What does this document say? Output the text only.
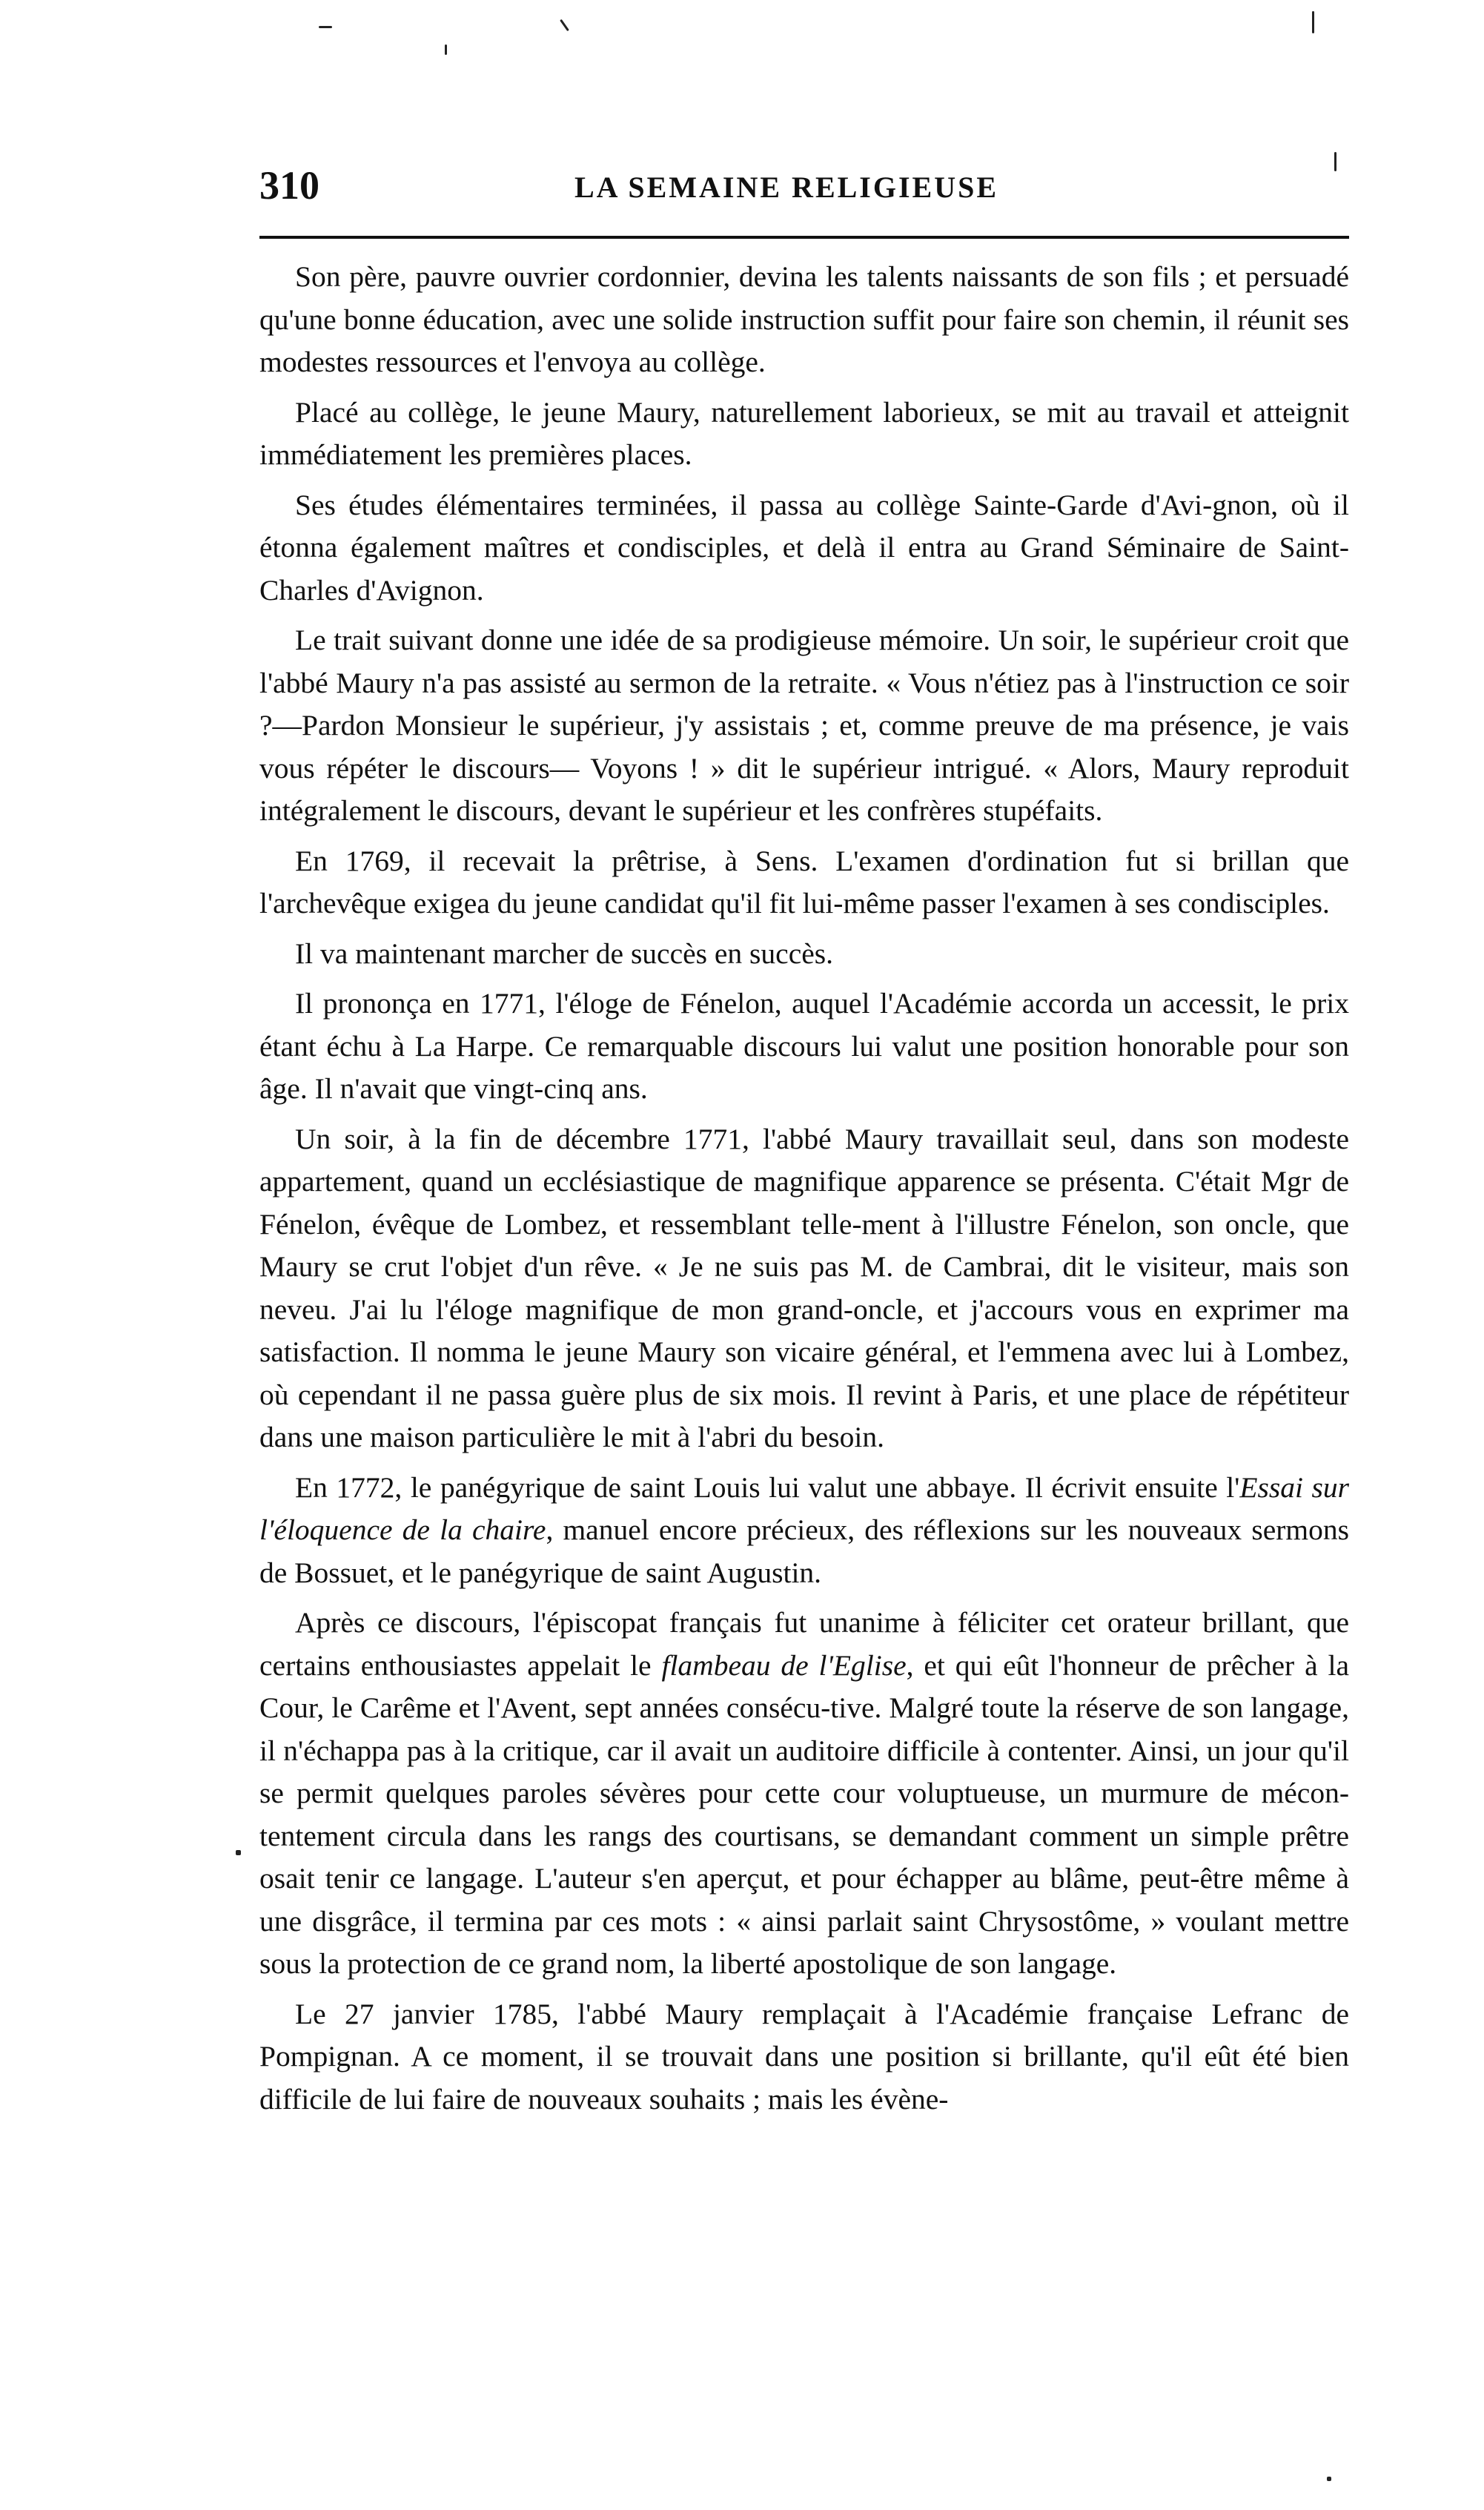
310	LA SEMAINE RELIGIEUSE

Son père, pauvre ouvrier cordonnier, devina les talents naissants de son fils ; et persuadé qu'une bonne éducation, avec une solide instruction suffit pour faire son chemin, il réunit ses modestes ressources et l'envoya au collège.

Placé au collège, le jeune Maury, naturellement laborieux, se mit au travail et atteignit immédiatement les premières places.

Ses études élémentaires terminées, il passa au collège Sainte-Garde d'Avi-gnon, où il étonna également maîtres et condisciples, et delà il entra au Grand Séminaire de Saint-Charles d'Avignon.

Le trait suivant donne une idée de sa prodigieuse mémoire. Un soir, le supérieur croit que l'abbé Maury n'a pas assisté au sermon de la retraite. « Vous n'étiez pas à l'instruction ce soir ?—Pardon Monsieur le supérieur, j'y assistais ; et, comme preuve de ma présence, je vais vous répéter le discours— Voyons ! » dit le supérieur intrigué. « Alors, Maury reproduit intégralement le discours, devant le supérieur et les confrères stupéfaits.

En 1769, il recevait la prêtrise, à Sens. L'examen d'ordination fut si brillan que l'archevêque exigea du jeune candidat qu'il fit lui-même passer l'examen à ses condisciples.

Il va maintenant marcher de succès en succès.

Il prononça en 1771, l'éloge de Fénelon, auquel l'Académie accorda un accessit, le prix étant échu à La Harpe. Ce remarquable discours lui valut une position honorable pour son âge. Il n'avait que vingt-cinq ans.

Un soir, à la fin de décembre 1771, l'abbé Maury travaillait seul, dans son modeste appartement, quand un ecclésiastique de magnifique apparence se présenta. C'était Mgr de Fénelon, évêque de Lombez, et ressemblant telle-ment à l'illustre Fénelon, son oncle, que Maury se crut l'objet d'un rêve. « Je ne suis pas M. de Cambrai, dit le visiteur, mais son neveu. J'ai lu l'éloge magnifique de mon grand-oncle, et j'accours vous en exprimer ma satisfaction. Il nomma le jeune Maury son vicaire général, et l'emmena avec lui à Lombez, où cependant il ne passa guère plus de six mois. Il revint à Paris, et une place de répétiteur dans une maison particulière le mit à l'abri du besoin.

En 1772, le panégyrique de saint Louis lui valut une abbaye. Il écrivit ensuite l'Essai sur l'éloquence de la chaire, manuel encore précieux, des réflexions sur les nouveaux sermons de Bossuet, et le panégyrique de saint Augustin.

Après ce discours, l'épiscopat français fut unanime à féliciter cet orateur brillant, que certains enthousiastes appelait le flambeau de l'Eglise, et qui eût l'honneur de prêcher à la Cour, le Carême et l'Avent, sept années consécu-tive. Malgré toute la réserve de son langage, il n'échappa pas à la critique, car il avait un auditoire difficile à contenter. Ainsi, un jour qu'il se permit quelques paroles sévères pour cette cour voluptueuse, un murmure de mécon-tentement circula dans les rangs des courtisans, se demandant comment un simple prêtre osait tenir ce langage. L'auteur s'en aperçut, et pour échapper au blâme, peut-être même à une disgrâce, il termina par ces mots : « ainsi parlait saint Chrysostôme, » voulant mettre sous la protection de ce grand nom, la liberté apostolique de son langage.

Le 27 janvier 1785, l'abbé Maury remplaçait à l'Académie française Lefranc de Pompignan. A ce moment, il se trouvait dans une position si brillante, qu'il eût été bien difficile de lui faire de nouveaux souhaits ; mais les évène-
